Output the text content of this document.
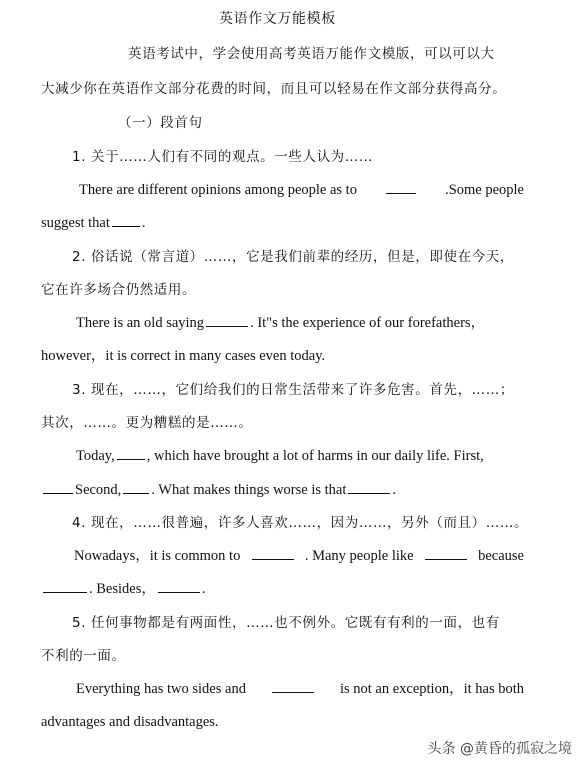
英语作文万能模板
英语考试中，学会使用高考英语万能作文模版，可以可以大
大减少你在英语作文部分花费的时间，而且可以轻易在作文部分获得高分。
（一）段首句
1. 关于……人们有不同的观点。一些人认为……
There are different opinions among people as to	.Some people
suggest that .
2. 俗话说（常言道）……，它是我们前辈的经历，但是，即使在今天，
它在许多场合仍然适用。
There is an old saying	. It"s the experience of our forefathers，
however，it is correct in many cases even today.
3. 现在，……，它们给我们的日常生活带来了许多危害。首先，……；
其次，……。更为糟糕的是……。
Today, , which have brought a lot of harms in our daily life. First,
Second, . What makes things worse is that	.
4. 现在，……很普遍，许多人喜欢……，因为……，另外（而且）……。
Nowadays，it is common to	. Many people like	because
. Besides，	.
5. 任何事物都是有两面性，……也不例外。它既有有利的一面，也有
不利的一面。
Everything has two sides and	is not an exception，it has both
advantages and disadvantages.
头条 @黄昏的孤寂之境
